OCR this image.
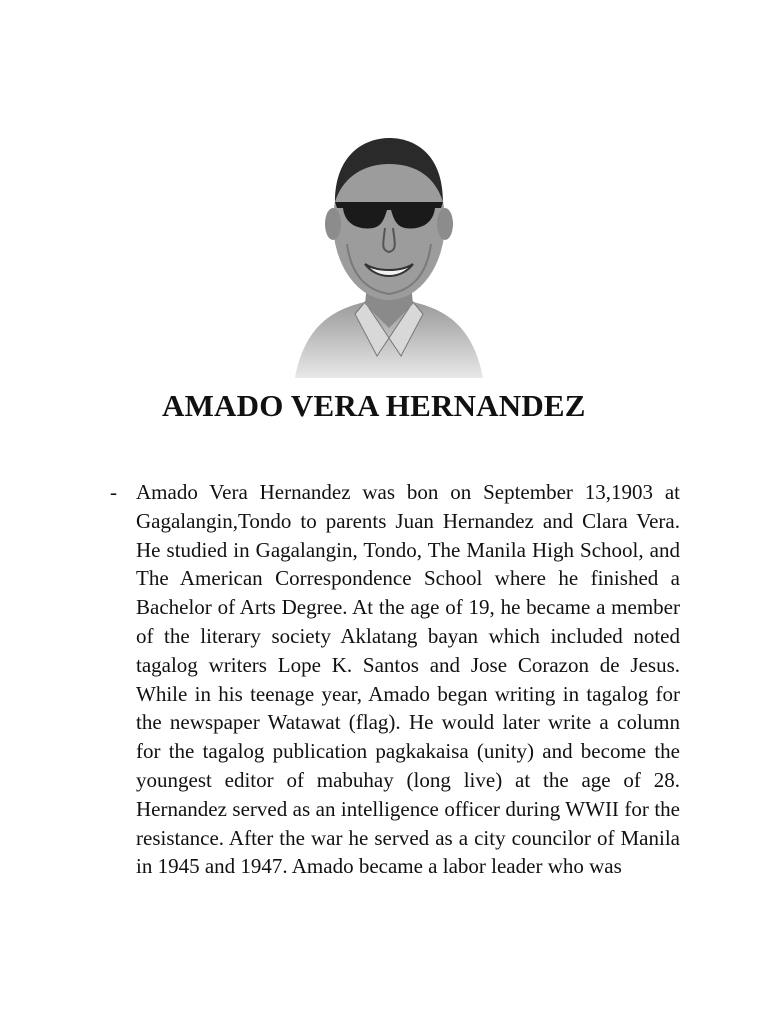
AMADO VERA HERNANDEZ
- Amado Vera Hernandez was bon on September 13,1903 at Gagalangin,Tondo to parents Juan Hernandez and Clara Vera. He studied in Gagalangin, Tondo, The Manila High School, and The American Correspondence School where he finished a Bachelor of Arts Degree. At the age of 19, he became a member of the literary society Aklatang bayan which included noted tagalog writers Lope K. Santos and Jose Corazon de Jesus. While in his teenage year, Amado began writing in tagalog for the newspaper Watawat (flag). He would later write a column for the tagalog publication pagkakaisa (unity) and become the youngest editor of mabuhay (long live) at the age of 28. Hernandez served as an intelligence officer during WWII for the resistance. After the war he served as a city councilor of Manila in 1945 and 1947. Amado became a labor leader who was
